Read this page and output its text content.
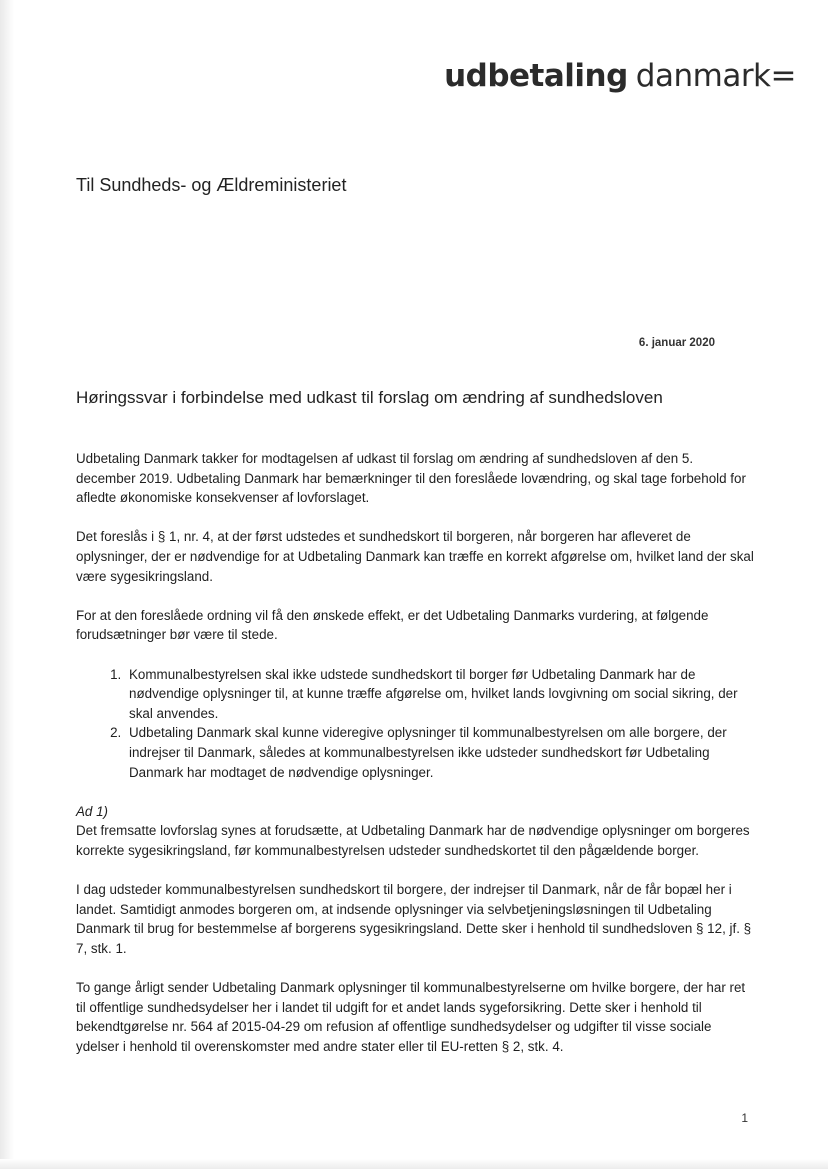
udbetaling danmark=
Til Sundheds- og Ældreministeriet
6. januar 2020
Høringssvar i forbindelse med udkast til forslag om ændring af sundhedsloven

Udbetaling Danmark takker for modtagelsen af udkast til forslag om ændring af sundhedsloven af den 5. december 2019. Udbetaling Danmark har bemærkninger til den foreslåede lovændring, og skal tage forbehold for afledte økonomiske konsekvenser af lovforslaget.

Det foreslås i § 1, nr. 4, at der først udstedes et sundhedskort til borgeren, når borgeren har afleveret de oplysninger, der er nødvendige for at Udbetaling Danmark kan træffe en korrekt afgørelse om, hvilket land der skal være sygesikringsland.

For at den foreslåede ordning vil få den ønskede effekt, er det Udbetaling Danmarks vurdering, at følgende forudsætninger bør være til stede.

1. Kommunalbestyrelsen skal ikke udstede sundhedskort til borger før Udbetaling Danmark har de nødvendige oplysninger til, at kunne træffe afgørelse om, hvilket lands lovgivning om social sikring, der skal anvendes.
2. Udbetaling Danmark skal kunne videregive oplysninger til kommunalbestyrelsen om alle borgere, der indrejser til Danmark, således at kommunalbestyrelsen ikke udsteder sundhedskort før Udbetaling Danmark har modtaget de nødvendige oplysninger.

Ad 1)

Det fremsatte lovforslag synes at forudsætte, at Udbetaling Danmark har de nødvendige oplysninger om borgeres korrekte sygesikringsland, før kommunalbestyrelsen udsteder sundhedskortet til den pågældende borger.

I dag udsteder kommunalbestyrelsen sundhedskort til borgere, der indrejser til Danmark, når de får bopæl her i landet. Samtidigt anmodes borgeren om, at indsende oplysninger via selvbetjeningsløsningen til Udbetaling Danmark til brug for bestemmelse af borgerens sygesikringsland. Dette sker i henhold til sundhedsloven § 12, jf. § 7, stk. 1.

To gange årligt sender Udbetaling Danmark oplysninger til kommunalbestyrelserne om hvilke borgere, der har ret til offentlige sundhedsydelser her i landet til udgift for et andet lands sygeforsikring. Dette sker i henhold til bekendtgørelse nr. 564 af 2015-04-29 om refusion af offentlige sundhedsydelser og udgifter til visse sociale ydelser i henhold til overenskomster med andre stater eller til EU-retten § 2, stk. 4.

1
